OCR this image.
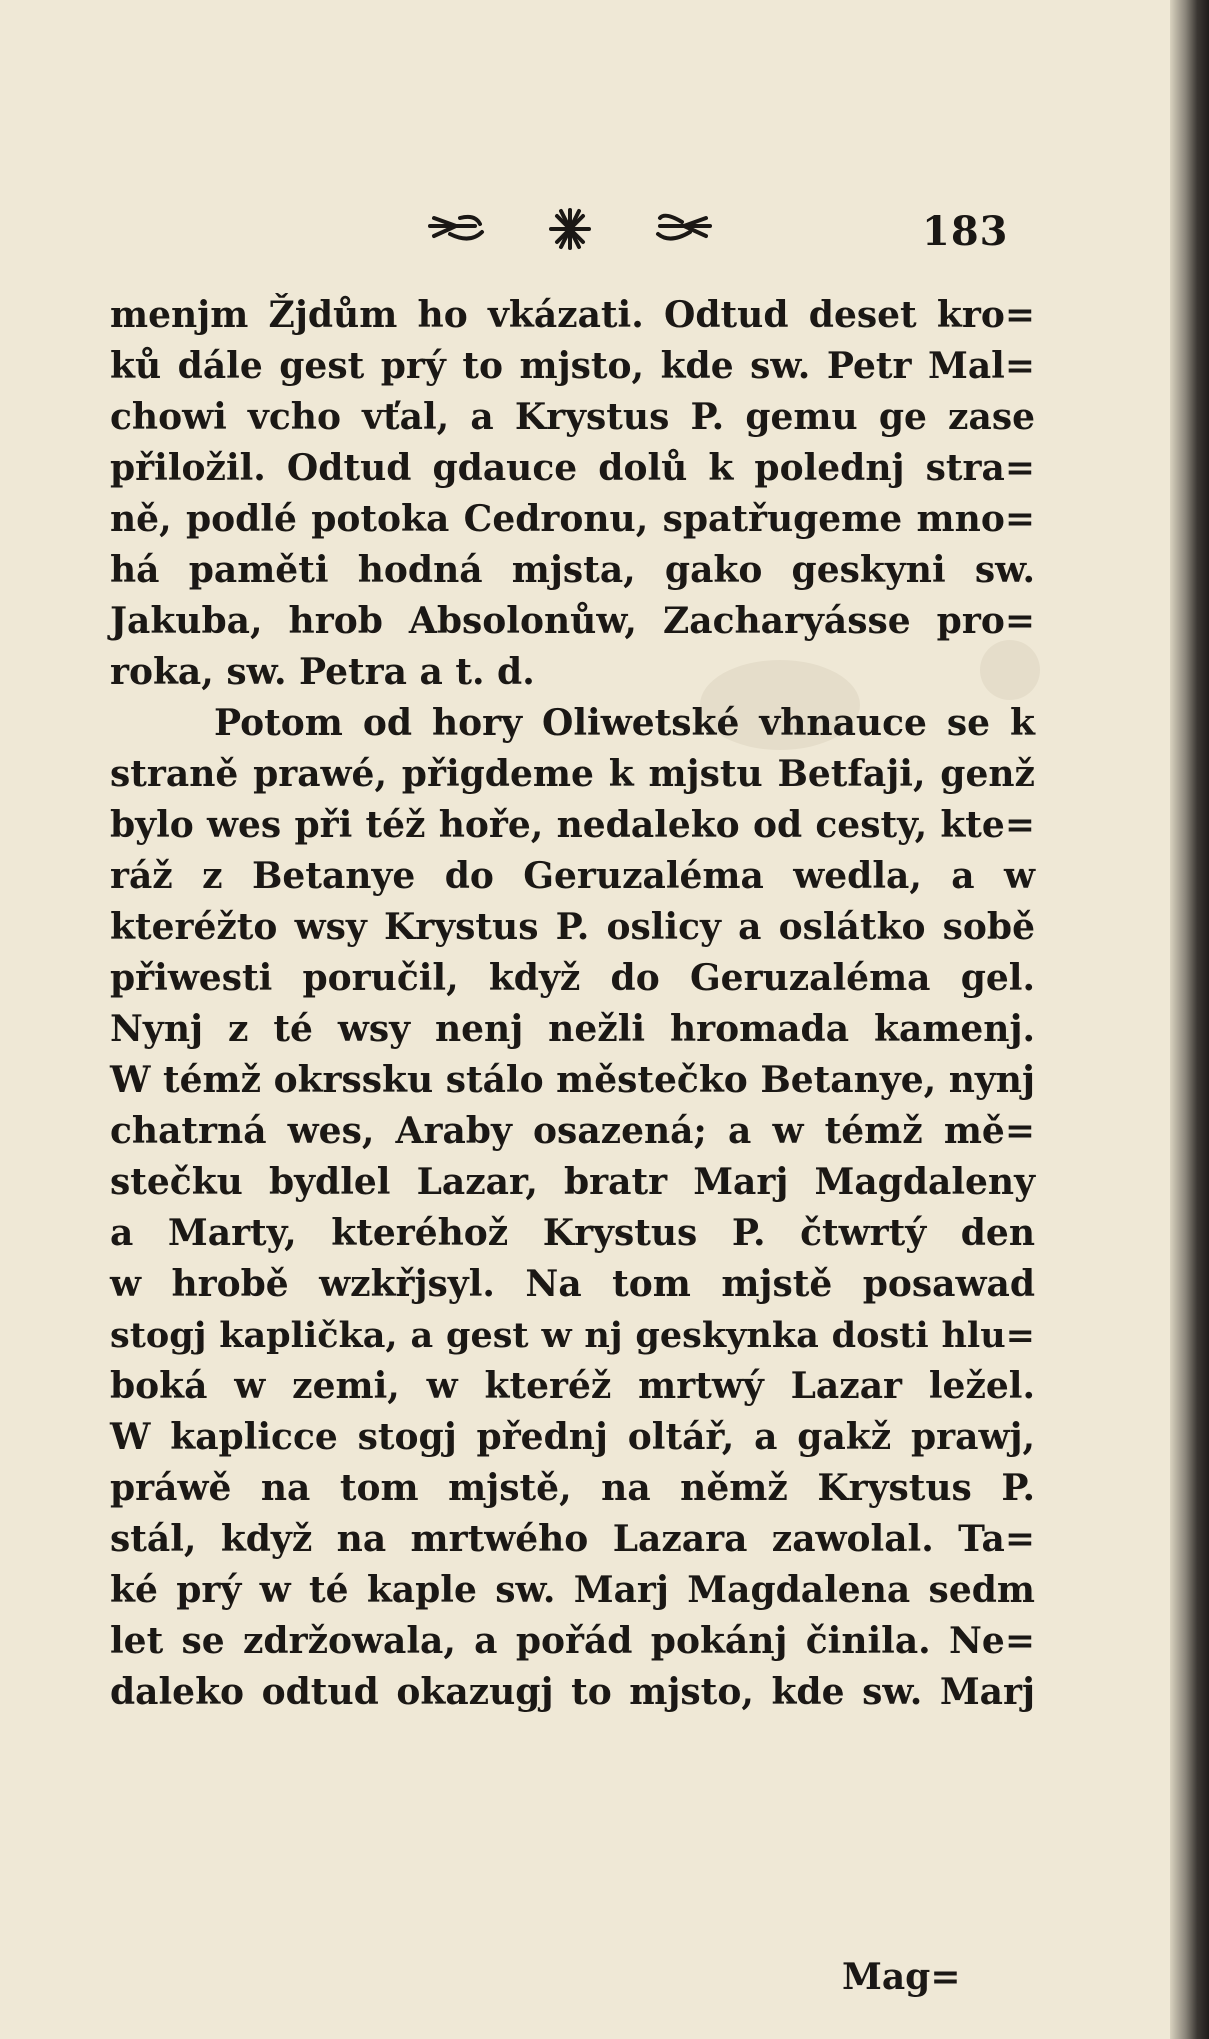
183
menjm Žjdům ho vkázati. Odtud deset kro=
ků dále gest prý to mjsto, kde sw. Petr Mal=
chowi vcho vťal, a Krystus P. gemu ge zase
přiložil. Odtud gdauce dolů k polednj stra=
ně, podlé potoka Cedronu, spatřugeme mno=
há paměti hodná mjsta, gako geskyni sw.
Jakuba, hrob Absolonůw, Zacharyásse pro=
roka, sw. Petra a t. d.
Potom od hory Oliwetské vhnauce se k
straně prawé, přigdeme k mjstu Betfaji, genž
bylo wes při též hoře, nedaleko od cesty, kte=
ráž z Betanye do Geruzaléma wedla, a w
kteréžto wsy Krystus P. oslicy a oslátko sobě
přiwesti poručil, když do Geruzaléma gel.
Nynj z té wsy nenj nežli hromada kamenj.
W témž okrssku stálo městečko Betanye, nynj
chatrná wes, Araby osazená; a w témž mě=
stečku bydlel Lazar, bratr Marj Magdaleny
a Marty, kteréhož Krystus P. čtwrtý den
w hrobě wzkřjsyl. Na tom mjstě posawad
stogj kaplička, a gest w nj geskynka dosti hlu=
boká w zemi, w kteréž mrtwý Lazar ležel.
W kaplicce stogj přednj oltář, a gakž prawj,
práwě na tom mjstě, na němž Krystus P.
stál, když na mrtwého Lazara zawolal. Ta=
ké prý w té kaple sw. Marj Magdalena sedm
let se zdržowala, a pořád pokánj činila. Ne=
daleko odtud okazugj to mjsto, kde sw. Marj
Mag=
